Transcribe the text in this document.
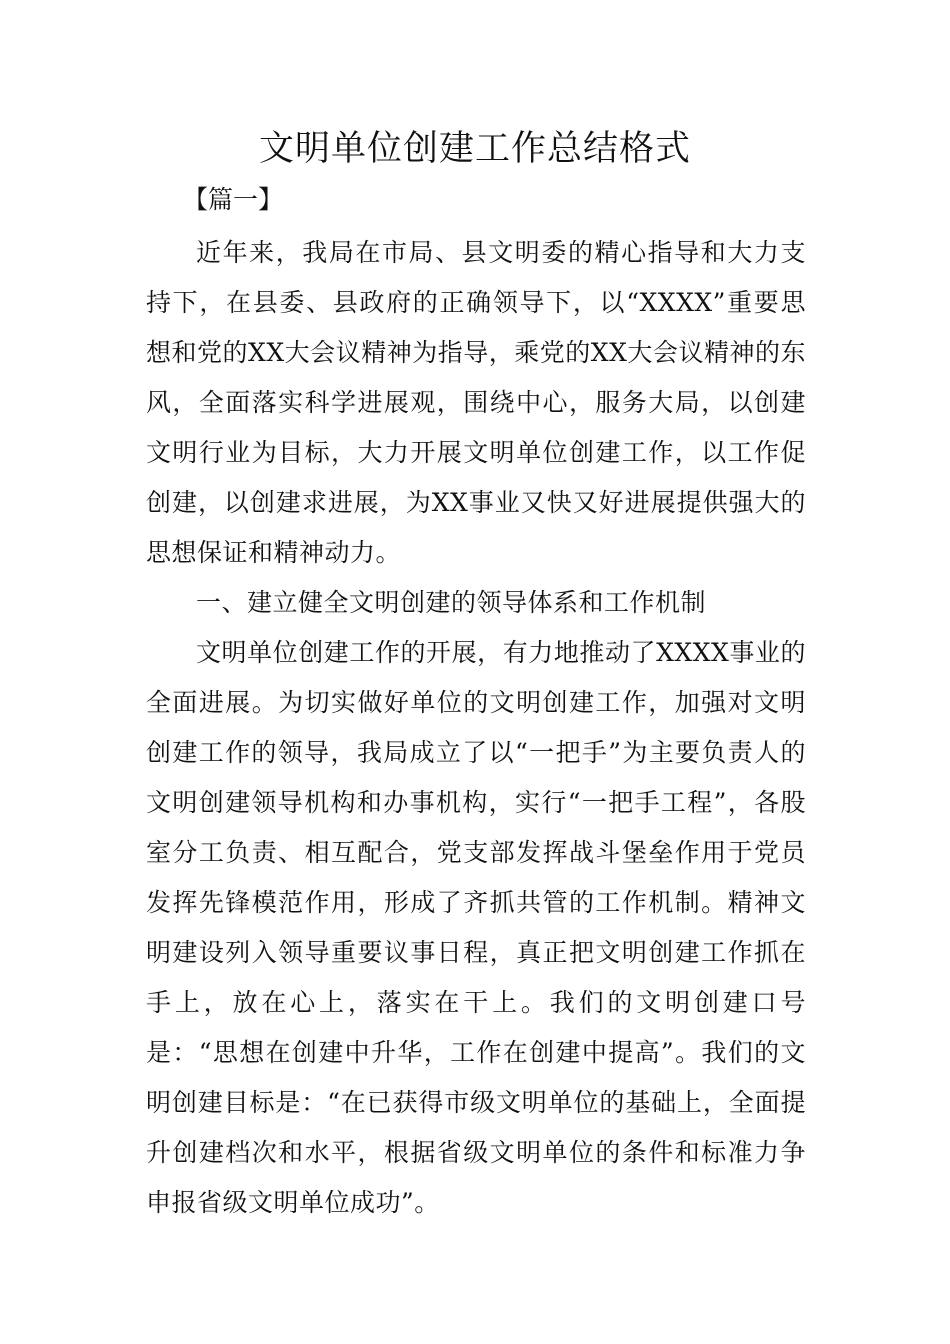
文明单位创建工作总结格式

【篇一】

近年来，我局在市局、县文明委的精心指导和大力支持下，在县委、县政府的正确领导下，以“XXXX”重要思想和党的XX大会议精神为指导，乘党的XX大会议精神的东风，全面落实科学进展观，围绕中心，服务大局，以创建文明行业为目标，大力开展文明单位创建工作，以工作促创建，以创建求进展，为XX事业又快又好进展提供强大的思想保证和精神动力。

一、建立健全文明创建的领导体系和工作机制

文明单位创建工作的开展，有力地推动了XXXX事业的全面进展。为切实做好单位的文明创建工作，加强对文明创建工作的领导，我局成立了以“一把手”为主要负责人的文明创建领导机构和办事机构，实行“一把手工程”，各股室分工负责、相互配合，党支部发挥战斗堡垒作用于党员发挥先锋模范作用，形成了齐抓共管的工作机制。精神文明建设列入领导重要议事日程，真正把文明创建工作抓在手上，放在心上，落实在干上。我们的文明创建口号是：“思想在创建中升华，工作在创建中提高”。我们的文明创建目标是：“在已获得市级文明单位的基础上，全面提升创建档次和水平，根据省级文明单位的条件和标准力争申报省级文明单位成功”。
